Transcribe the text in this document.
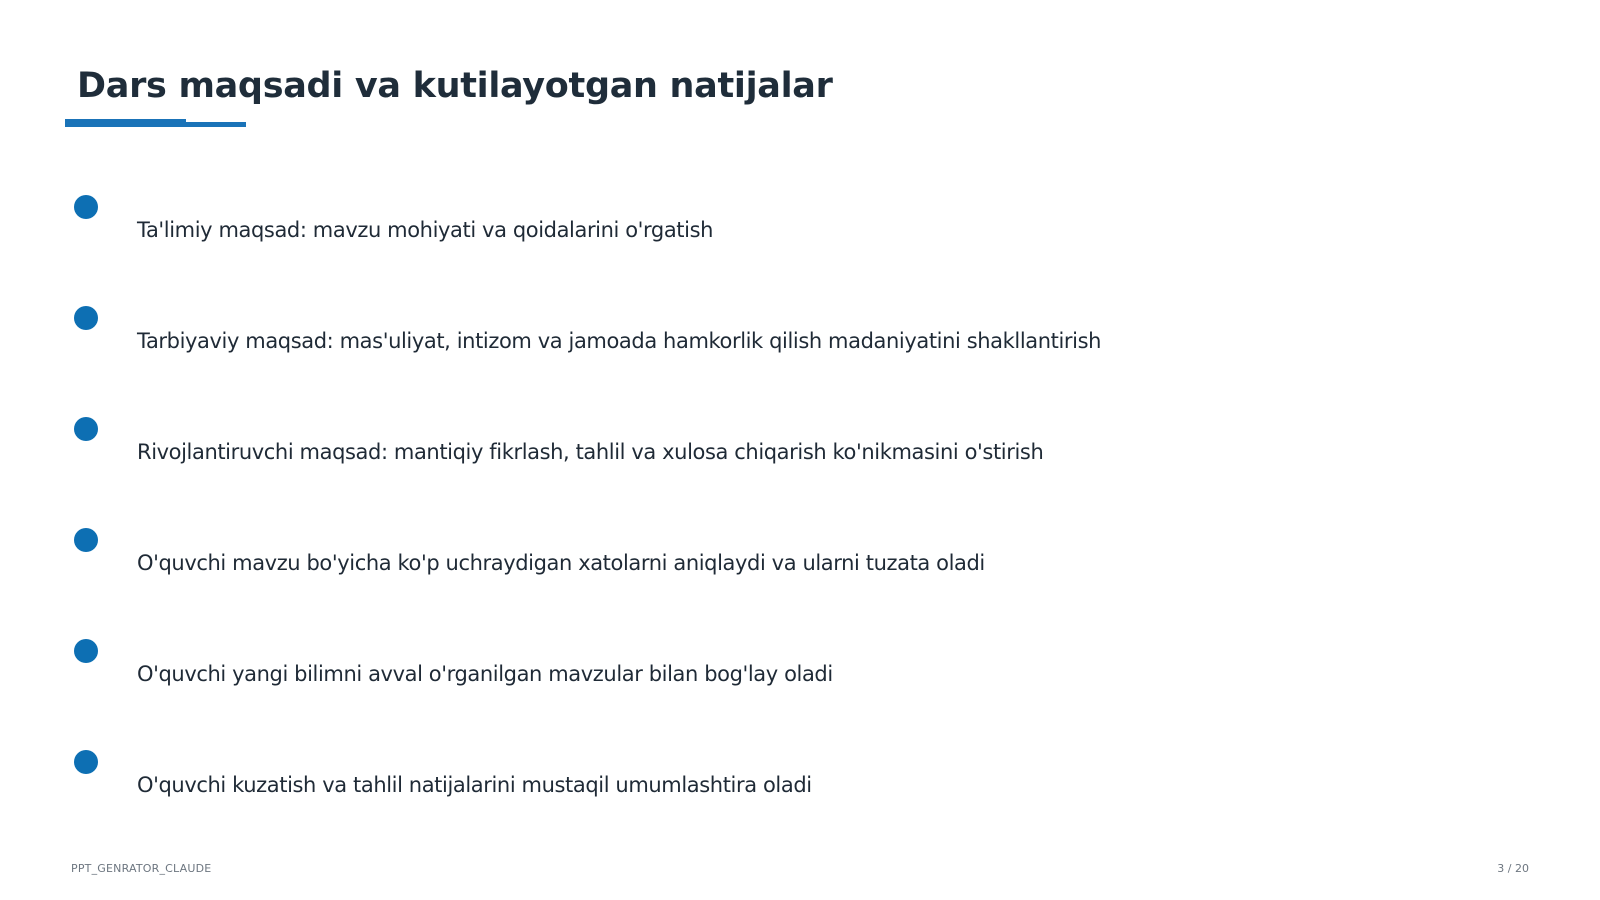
Dars maqsadi va kutilayotgan natijalar
Ta'limiy maqsad: mavzu mohiyati va qoidalarini o'rgatish
Tarbiyaviy maqsad: mas'uliyat, intizom va jamoada hamkorlik qilish madaniyatini shakllantirish
Rivojlantiruvchi maqsad: mantiqiy fikrlash, tahlil va xulosa chiqarish ko'nikmasini o'stirish
O'quvchi mavzu bo'yicha ko'p uchraydigan xatolarni aniqlaydi va ularni tuzata oladi
O'quvchi yangi bilimni avval o'rganilgan mavzular bilan bog'lay oladi
O'quvchi kuzatish va tahlil natijalarini mustaqil umumlashtira oladi
PPT_GENRATOR_CLAUDE	3 / 20
